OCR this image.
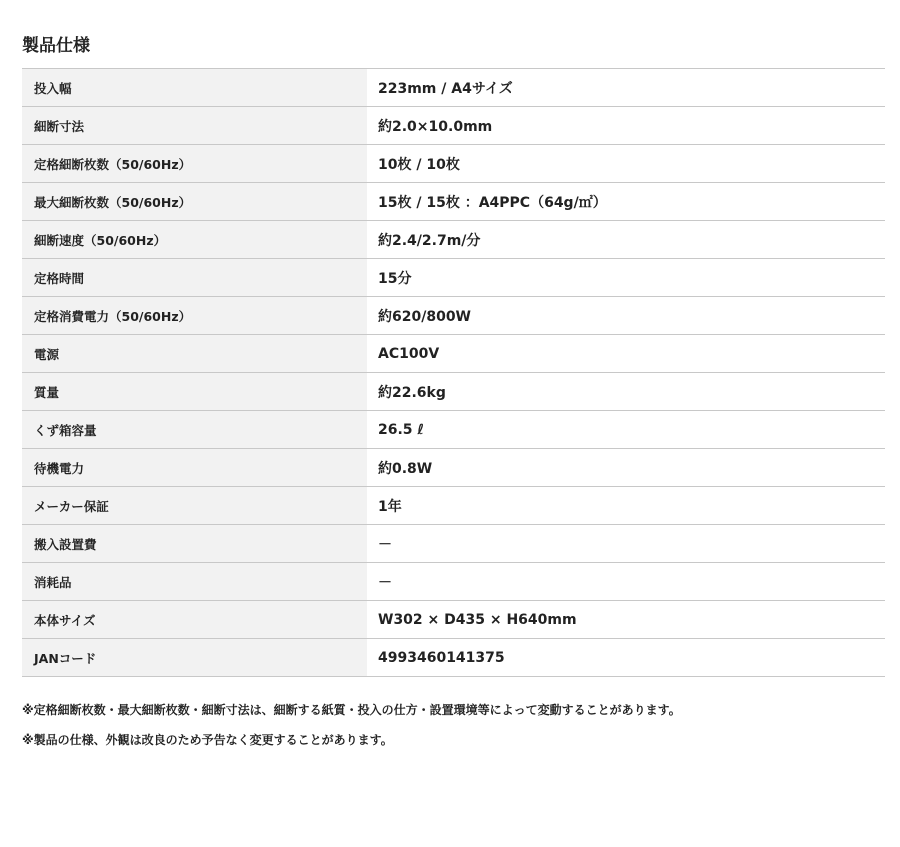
製品仕様
投入幅	223mm / A4サイズ
細断寸法	約2.0×10.0mm
定格細断枚数（50/60Hz）	10枚 / 10枚
最大細断枚数（50/60Hz）	15枚 / 15枚 ：A4PPC（64g/㎡）
細断速度（50/60Hz）	約2.4/2.7m/分
定格時間	15分
定格消費電力（50/60Hz）	約620/800W
電源	AC100V
質量	約22.6kg
くず箱容量	26.5 ℓ
待機電力	約0.8W
メーカー保証	1年
搬入設置費	－
消耗品	－
本体サイズ	W302 × D435 × H640mm
JANコード	4993460141375
※定格細断枚数・最大細断枚数・細断寸法は、細断する紙質・投入の仕方・設置環境等によって変動することがあります。
※製品の仕様、外観は改良のため予告なく変更することがあります。
